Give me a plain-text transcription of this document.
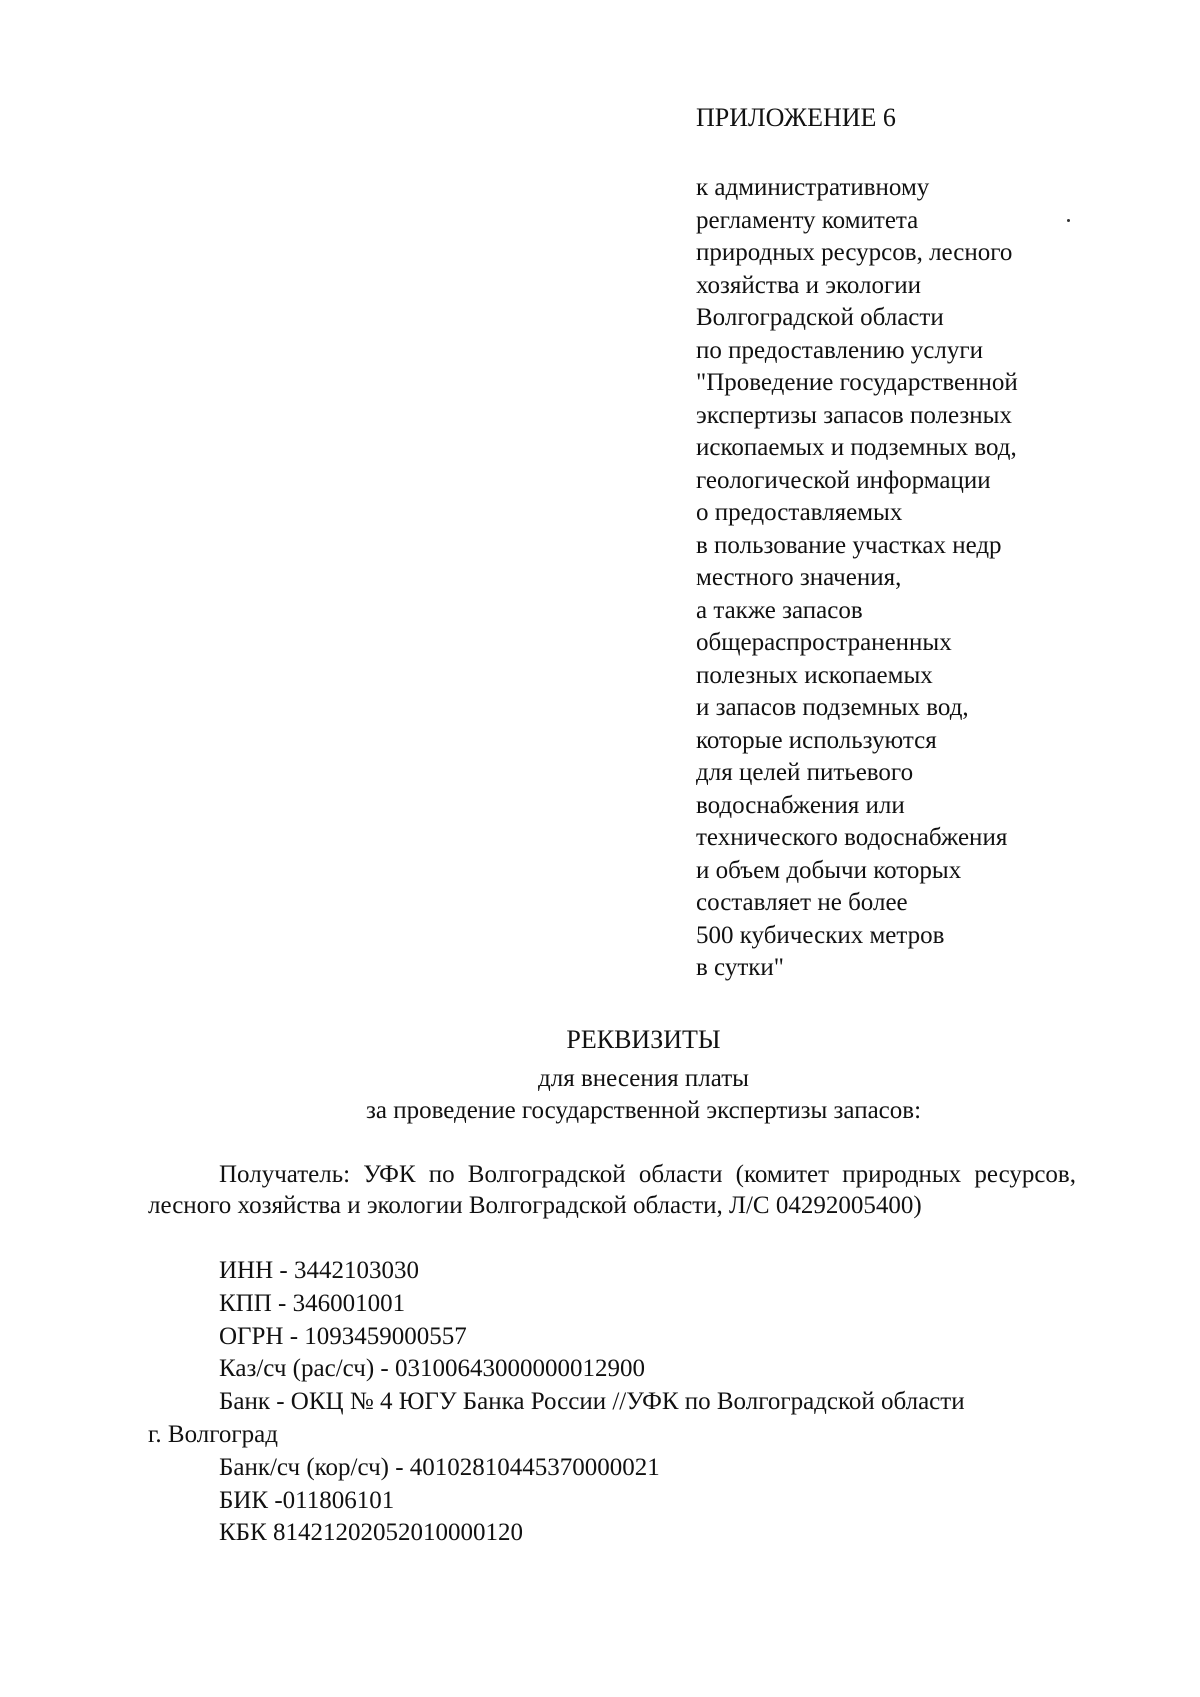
ПРИЛОЖЕНИЕ 6
к административному
регламенту комитета
природных ресурсов, лесного
хозяйства и экологии
Волгоградской области
по предоставлению услуги
"Проведение государственной
экспертизы запасов полезных
ископаемых и подземных вод,
геологической информации
о предоставляемых
в пользование участках недр
местного значения,
а также запасов
общераспространенных
полезных ископаемых
и запасов подземных вод,
которые используются
для целей питьевого
водоснабжения или
технического водоснабжения
и объем добычи которых
составляет не более
500 кубических метров
в сутки"
РЕКВИЗИТЫ
для внесения платы
за проведение государственной экспертизы запасов:
Получатель: УФК по Волгоградской области (комитет природных ресурсов, лесного хозяйства и экологии Волгоградской области, Л/С 04292005400)
ИНН - 3442103030
КПП - 346001001
ОГРН - 1093459000557
Каз/сч (рас/сч) - 03100643000000012900
Банк - ОКЦ № 4 ЮГУ Банка России //УФК по Волгоградской области
г. Волгоград
Банк/сч (кор/сч) - 40102810445370000021
БИК -011806101
КБК 81421202052010000120
